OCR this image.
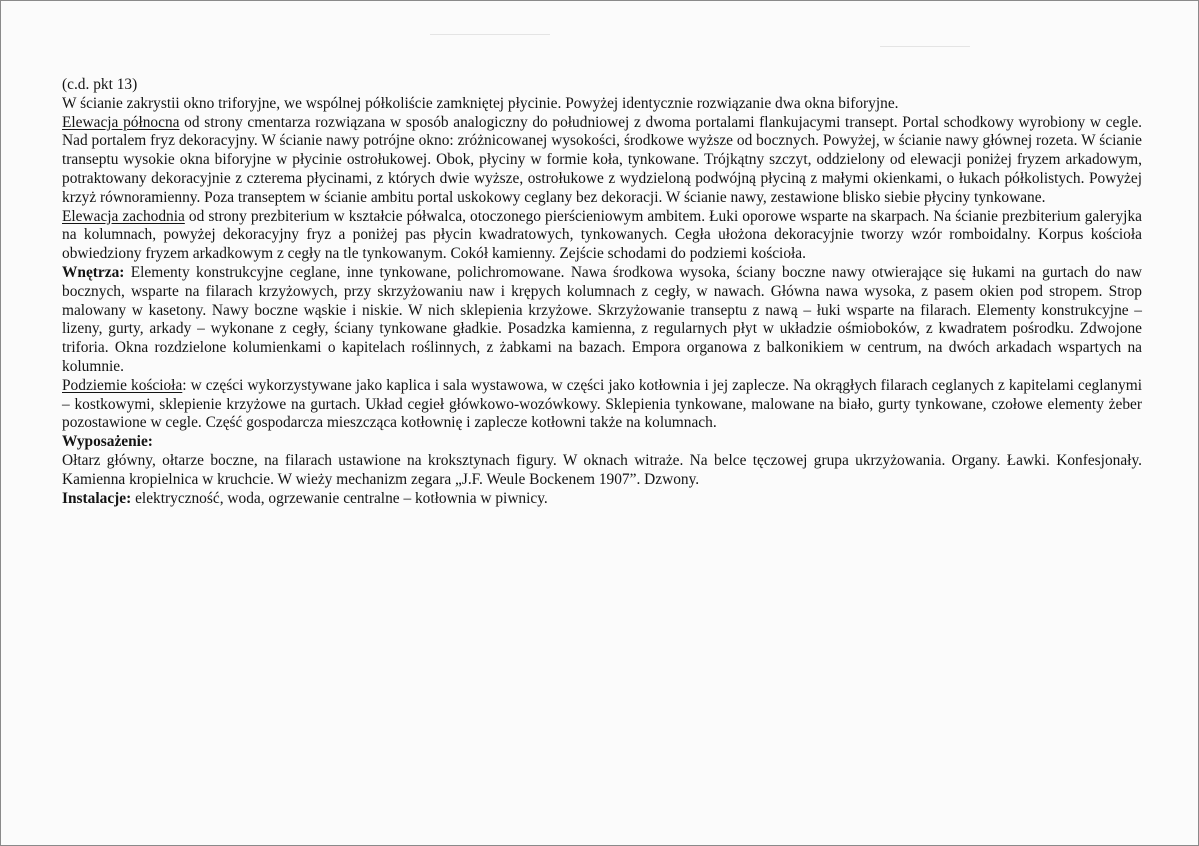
(c.d. pkt 13)

W ścianie zakrystii okno triforyjne, we wspólnej półkoliście zamkniętej płycinie. Powyżej identycznie rozwiązanie dwa okna biforyjne.

Elewacja północna od strony cmentarza rozwiązana w sposób analogiczny do południowej z dwoma portalami flankujacymi transept. Portal schodkowy wyrobiony w cegle. Nad portalem fryz dekoracyjny. W ścianie nawy potrójne okno: zróżnicowanej wysokości, środkowe wyższe od bocznych. Powyżej, w ścianie nawy głównej rozeta. W ścianie transeptu wysokie okna biforyjne w płycinie ostrołukowej. Obok, płyciny w formie koła, tynkowane. Trójkątny szczyt, oddzielony od elewacji poniżej fryzem arkadowym, potraktowany dekoracyjnie z czterema płycinami, z których dwie wyższe, ostrołukowe z wydzieloną podwójną płyciną z małymi okienkami, o łukach półkolistych. Powyżej krzyż równoramienny. Poza transeptem w ścianie ambitu portal uskokowy ceglany bez dekoracji. W ścianie nawy, zestawione blisko siebie płyciny tynkowane.

Elewacja zachodnia od strony prezbiterium w kształcie półwalca, otoczonego pierścieniowym ambitem. Łuki oporowe wsparte na skarpach. Na ścianie prezbiterium galeryjka na kolumnach, powyżej dekoracyjny fryz a poniżej pas płycin kwadratowych, tynkowanych. Cegła ułożona dekoracyjnie tworzy wzór romboidalny. Korpus kościoła obwiedziony fryzem arkadkowym z cegły na tle tynkowanym. Cokół kamienny. Zejście schodami do podziemi kościoła.

Wnętrza: Elementy konstrukcyjne ceglane, inne tynkowane, polichromowane. Nawa środkowa wysoka, ściany boczne nawy otwierające się łukami na gurtach do naw bocznych, wsparte na filarach krzyżowych, przy skrzyżowaniu naw i krępych kolumnach z cegły, w nawach. Główna nawa wysoka, z pasem okien pod stropem. Strop malowany w kasetony. Nawy boczne wąskie i niskie. W nich sklepienia krzyżowe. Skrzyżowanie transeptu z nawą – łuki wsparte na filarach. Elementy konstrukcyjne – lizeny, gurty, arkady – wykonane z cegły, ściany tynkowane gładkie. Posadzka kamienna, z regularnych płyt w układzie ośmioboków, z kwadratem pośrodku. Zdwojone triforia. Okna rozdzielone kolumienkami o kapitelach roślinnych, z żabkami na bazach. Empora organowa z balkonikiem w centrum, na dwóch arkadach wspartych na kolumnie.

Podziemie kościoła: w części wykorzystywane jako kaplica i sala wystawowa, w części jako kotłownia i jej zaplecze. Na okrągłych filarach ceglanych z kapitelami ceglanymi – kostkowymi, sklepienie krzyżowe na gurtach. Układ cegieł główkowo-wozówkowy. Sklepienia tynkowane, malowane na biało, gurty tynkowane, czołowe elementy żeber pozostawione w cegle. Część gospodarcza mieszcząca kotłownię i zaplecze kotłowni także na kolumnach.

Wyposażenie:

Ołtarz główny, ołtarze boczne, na filarach ustawione na kroksztynach figury. W oknach witraże. Na belce tęczowej grupa ukrzyżowania. Organy. Ławki. Konfesjonały. Kamienna kropielnica w kruchcie. W wieży mechanizm zegara „J.F. Weule Bockenem 1907”. Dzwony.

Instalacje: elektryczność, woda, ogrzewanie centralne – kotłownia w piwnicy.
